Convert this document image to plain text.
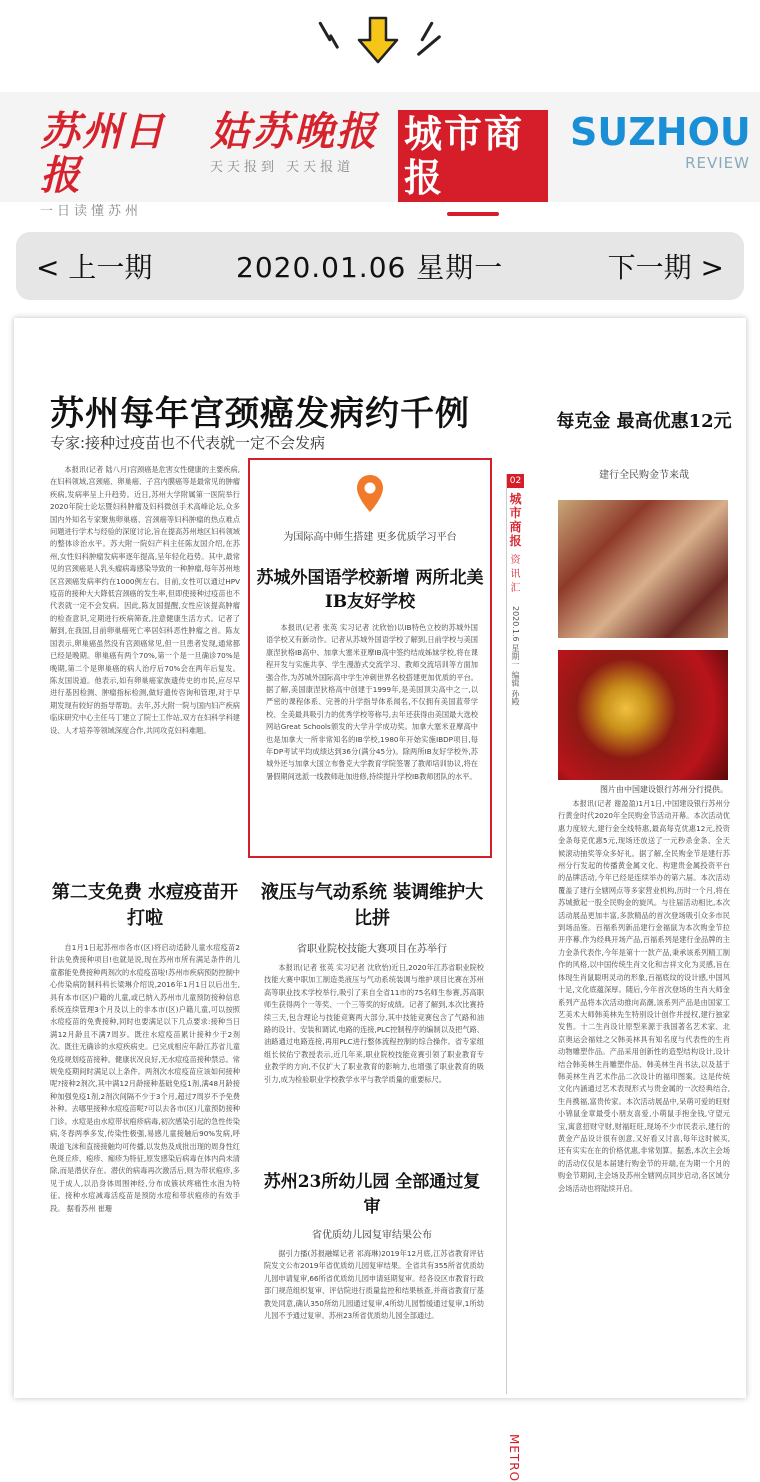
苏州日报
一日读懂苏州
姑苏晚报
天天报到 天天报道
城市商报
SUZHOU
REVIEW
< 上一期	2020.01.06 星期一	下一期 >
苏州每年宫颈癌发病约千例
专家:接种过疫苗也不代表就一定不会发病

本报讯(记者 陆八月)宫颈癌是危害女性健康的主要疾病,在妇科领域,宫颈癌、卵巢癌、子宫内膜癌等是最常见的肿瘤疾病,发病率呈上升趋势。近日,苏州大学附属第一医院举行2020年院士论坛暨妇科肿瘤及妇科微创手术高峰论坛,众多国内外知名专家聚焦卵巢癌、宫颈癌等妇科肿瘤的热点难点问题进行学术与经验的深度讨论,旨在提高苏州地区妇科领域的整体诊治水平。苏大附一院妇产科主任陈友国介绍,在苏州,女性妇科肿瘤发病率逐年提高,呈年轻化趋势。其中,最常见的宫颈癌是人乳头瘤病毒感染导致的一种肿瘤,每年苏州地区宫颈癌发病率约在1000例左右。目前,女性可以通过HPV疫苗的接种大大降低宫颈癌的发生率,但即使接种过疫苗也不代表就一定不会发病。因此,陈友国提醒,女性应该提高肿瘤的检查意识,定期进行疾病筛查,注意健康生活方式。记者了解到,在我国,目前卵巢癌死亡率居妇科恶性肿瘤之首。陈友国表示,卵巢癌虽然没有宫颈癌常见,但一旦患者发现,通常都已经是晚期。卵巢癌有两个70%,第一个是一旦确诊70%是晚期,第二个是卵巢癌的病人治疗后70%会在两年后复发。陈友国说道。他表示,如有卵巢癌家族遗传史的市民,应尽早进行基因检测、肿瘤指标检测,做好遗传咨询和管理,对于早期发现有较好的指导帮助。去年,苏大附一院与国内妇产疾病临床研究中心主任马丁建立了院士工作站,双方在妇科学科建设、人才培养等领域深度合作,共同攻克妇科难题。

为国际高中师生搭建 更多优质学习平台
苏城外国语学校新增 两所北美IB友好学校

本报讯(记者 张英 实习记者 沈欣怡)以IB特色立校的苏城外国语学校又有新动作。记者从苏城外国语学校了解到,日前学校与美国康涅狄格IB高中、加拿大塞米亚摩IB高中签约结成姊妹学校,将在课程开发与实施共享、学生漫游式交流学习、教师交流培训等方面加强合作,为苏城外国际高中学生冲刺世界名校搭建更加优质的平台。据了解,美国康涅狄格高中创建于1999年,是美国顶尖高中之一,以严密的课程体系、完善的升学指导体系闻名,不仅拥有美国蓝带学校、全美最具吸引力的优秀学校等称号,去年还获得由美国最大选校网站Great Schools颁发的大学升学成功奖。加拿大塞米亚摩高中也是加拿大一所非常知名的IB学校,1980年开始实施IBDP项目,每年DP考试平均成绩达到36分(满分45分)。除两所IB友好学校外,苏城外还与加拿大国立布鲁克大学教育学院签署了教师培训协议,将在暑假期间选派一线教师赴加进修,持续提升学校IB教师团队的水平。

第二支免费 水痘疫苗开打啦

自1月1日起苏州市各市(区)将启动适龄儿童水痘疫苗2针法免费接种项目!也就是说,现在苏州市所有满足条件的儿童都能免费接种两剂次的水痘疫苗啦!苏州市疾病预防控制中心传染病防制科科长梁琳介绍说,2016年1月1日以后出生,具有本市(区)户籍的儿童,或已纳入苏州市儿童预防接种信息系统连续管理3个月及以上的非本市(区)户籍儿童,可以按照水痘疫苗的免费接种,同时也要满足以下几点要求:接种当日满12月龄且不满7周岁。既往水痘疫苗累计接种少于2剂次。既往无确诊的水痘疾病史。已完成相应年龄江苏省儿童免疫规划疫苗接种。健康状况良好,无水痘疫苗接种禁忌。常规免疫期间时满足以上条件。两剂次水痘疫苗应该如何接种呢?接种2剂次,其中满12月龄接种基础免疫1剂,满48月龄接种加强免疫1剂,2剂次间隔不少于3个月,超过7周岁不予免费补种。去哪里接种水痘疫苗呢?可以去各市(区)儿童预防接种门诊。水痘是由水痘带状疱疹病毒,初次感染引起的急性传染病,冬春两季多发,传染性极强,易感儿童接触后90%发病,呼吸道飞沫和直接接触均可传播,以发热及成批出现的周身性红色斑丘疹、疱疹、痂疹为特征,原发感染后病毒在体内尚未清除,而是潜伏存在。潜伏的病毒再次激活后,则为带状疱疹,多见于成人,以沿身体周围神经,分布成簇状疼痛性水泡为特征。接种水痘减毒活疫苗是预防水痘和带状疱疹的有效手段。 据看苏州 崔珊

液压与气动系统 装调维护大比拼
省职业院校技能大赛项目在苏举行

本报讯(记者 张英 实习记者 沈欣怡)近日,2020年江苏省职业院校技能大赛中职加工制造类液压与气动系统装调与维护项目比赛在苏州高等职业技术学校举行,吸引了来自全省11市的75名师生参赛,苏高职师生获得两个一等奖、一个三等奖的好成绩。记者了解到,本次比赛持续三天,包含理论与技能竞赛两大部分,其中技能竞赛包含了气路和油路的设计、安装和调试,电路的连接,PLC控制程序的编制以及把气路、油路通过电路连接,再用PLC进行整体流程控制的综合操作。省专家组组长侯佑宁教授表示,近几年来,职业院校技能竞赛引领了职业教育专业教学的方向,不仅扩大了职业教育的影响力,也增强了职业教育的吸引力,成为检验职业学校教学水平与教学质量的重要标尺。

苏州23所幼儿园 全部通过复审
省优质幼儿园复审结果公布

据引力播(苏报融媒记者 祁海琳)2019年12月底,江苏省教育评估院发文公布2019年省优质幼儿园复审结果。全省共有355所省优质幼儿园申请复审,66所省优质幼儿园申请延期复审。经各设区市教育行政部门规范组织复审、评估院进行质量监控和结果核查,并商省教育厅基教处同意,确认350所幼儿园通过复审,4所幼儿园暂缓通过复审,1所幼儿园不予通过复审。苏州23所省优质幼儿园全部通过。

02
城市商报
资讯汇
2020.1.6 星期一 编辑 孙殿
METRO
每克金 最高优惠12元
建行全民购金节来哉
图片由中国建设银行苏州分行提供。

本报讯(记者 谢盈盈)1月1日,中国建设银行苏州分行黄金时代2020年全民购金节活动开幕。本次活动优惠力度较大,建行金全线特惠,最高每克优惠12元,投资金条每克优惠5元,现场还放送了一元秒杀金条、全天候滚动抽奖等众多好礼。据了解,全民购金节是建行苏州分行发起的传播黄金属文化、构建贵金属投资平台的品牌活动,今年已经是连续举办的第六届。本次活动覆盖了建行全辖网点等多家营业机构,历时一个月,将在苏城掀起一股全民购金的旋风。与往届活动相比,本次活动展品更加丰富,多款精品的首次登场吸引众多市民到场品鉴。百福系列新品建行金福鼠为本次购金节拉开序幕,作为经典开场产品,百福系列是建行金品牌的主力金条代表作,今年是第十一款产品,秉承该系列精工制作的风格,以中国传统生肖文化和吉祥文化为灵感,旨在体现生肖鼠聪明灵动的形象,百福底纹的设计感,中国风十足,文化底蕴深厚。随后,今年首次登场的生肖大师金系列产品将本次活动推向高潮,该系列产品是由国家工艺美术大师韩美林先生特别设计创作并授权,建行独家发售。十二生肖设计原型来源于我国著名艺术家、北京奥运会福娃之父韩美林具有知名度与代表性的生肖动物雕塑作品。产品采用创新性的造型结构设计,设计结合韩美林生肖雕塑作品、韩美林生肖书法,以及基于韩美林生肖艺术作品二次设计的福印图案。这是传统文化内涵通过艺术表现形式与贵金属的一次经典结合,生肖携福,富贵传家。本次活动展品中,呆萌可爱的旺财小锦鼠金章最受小朋友喜爱,小萌鼠手抱金钱,守望元宝,寓意招财守财,财福旺旺,现场不少市民表示,建行的黄金产品设计很有创意,又好看又讨喜,每年这时候买,还有实实在在的价格优惠,非常划算。据悉,本次主会场的活动仅仅是本届建行购金节的开端,在为期一个月的购金节期间,主会场及苏州全辖网点同步启动,各区域分会场活动也将陆续开启。
